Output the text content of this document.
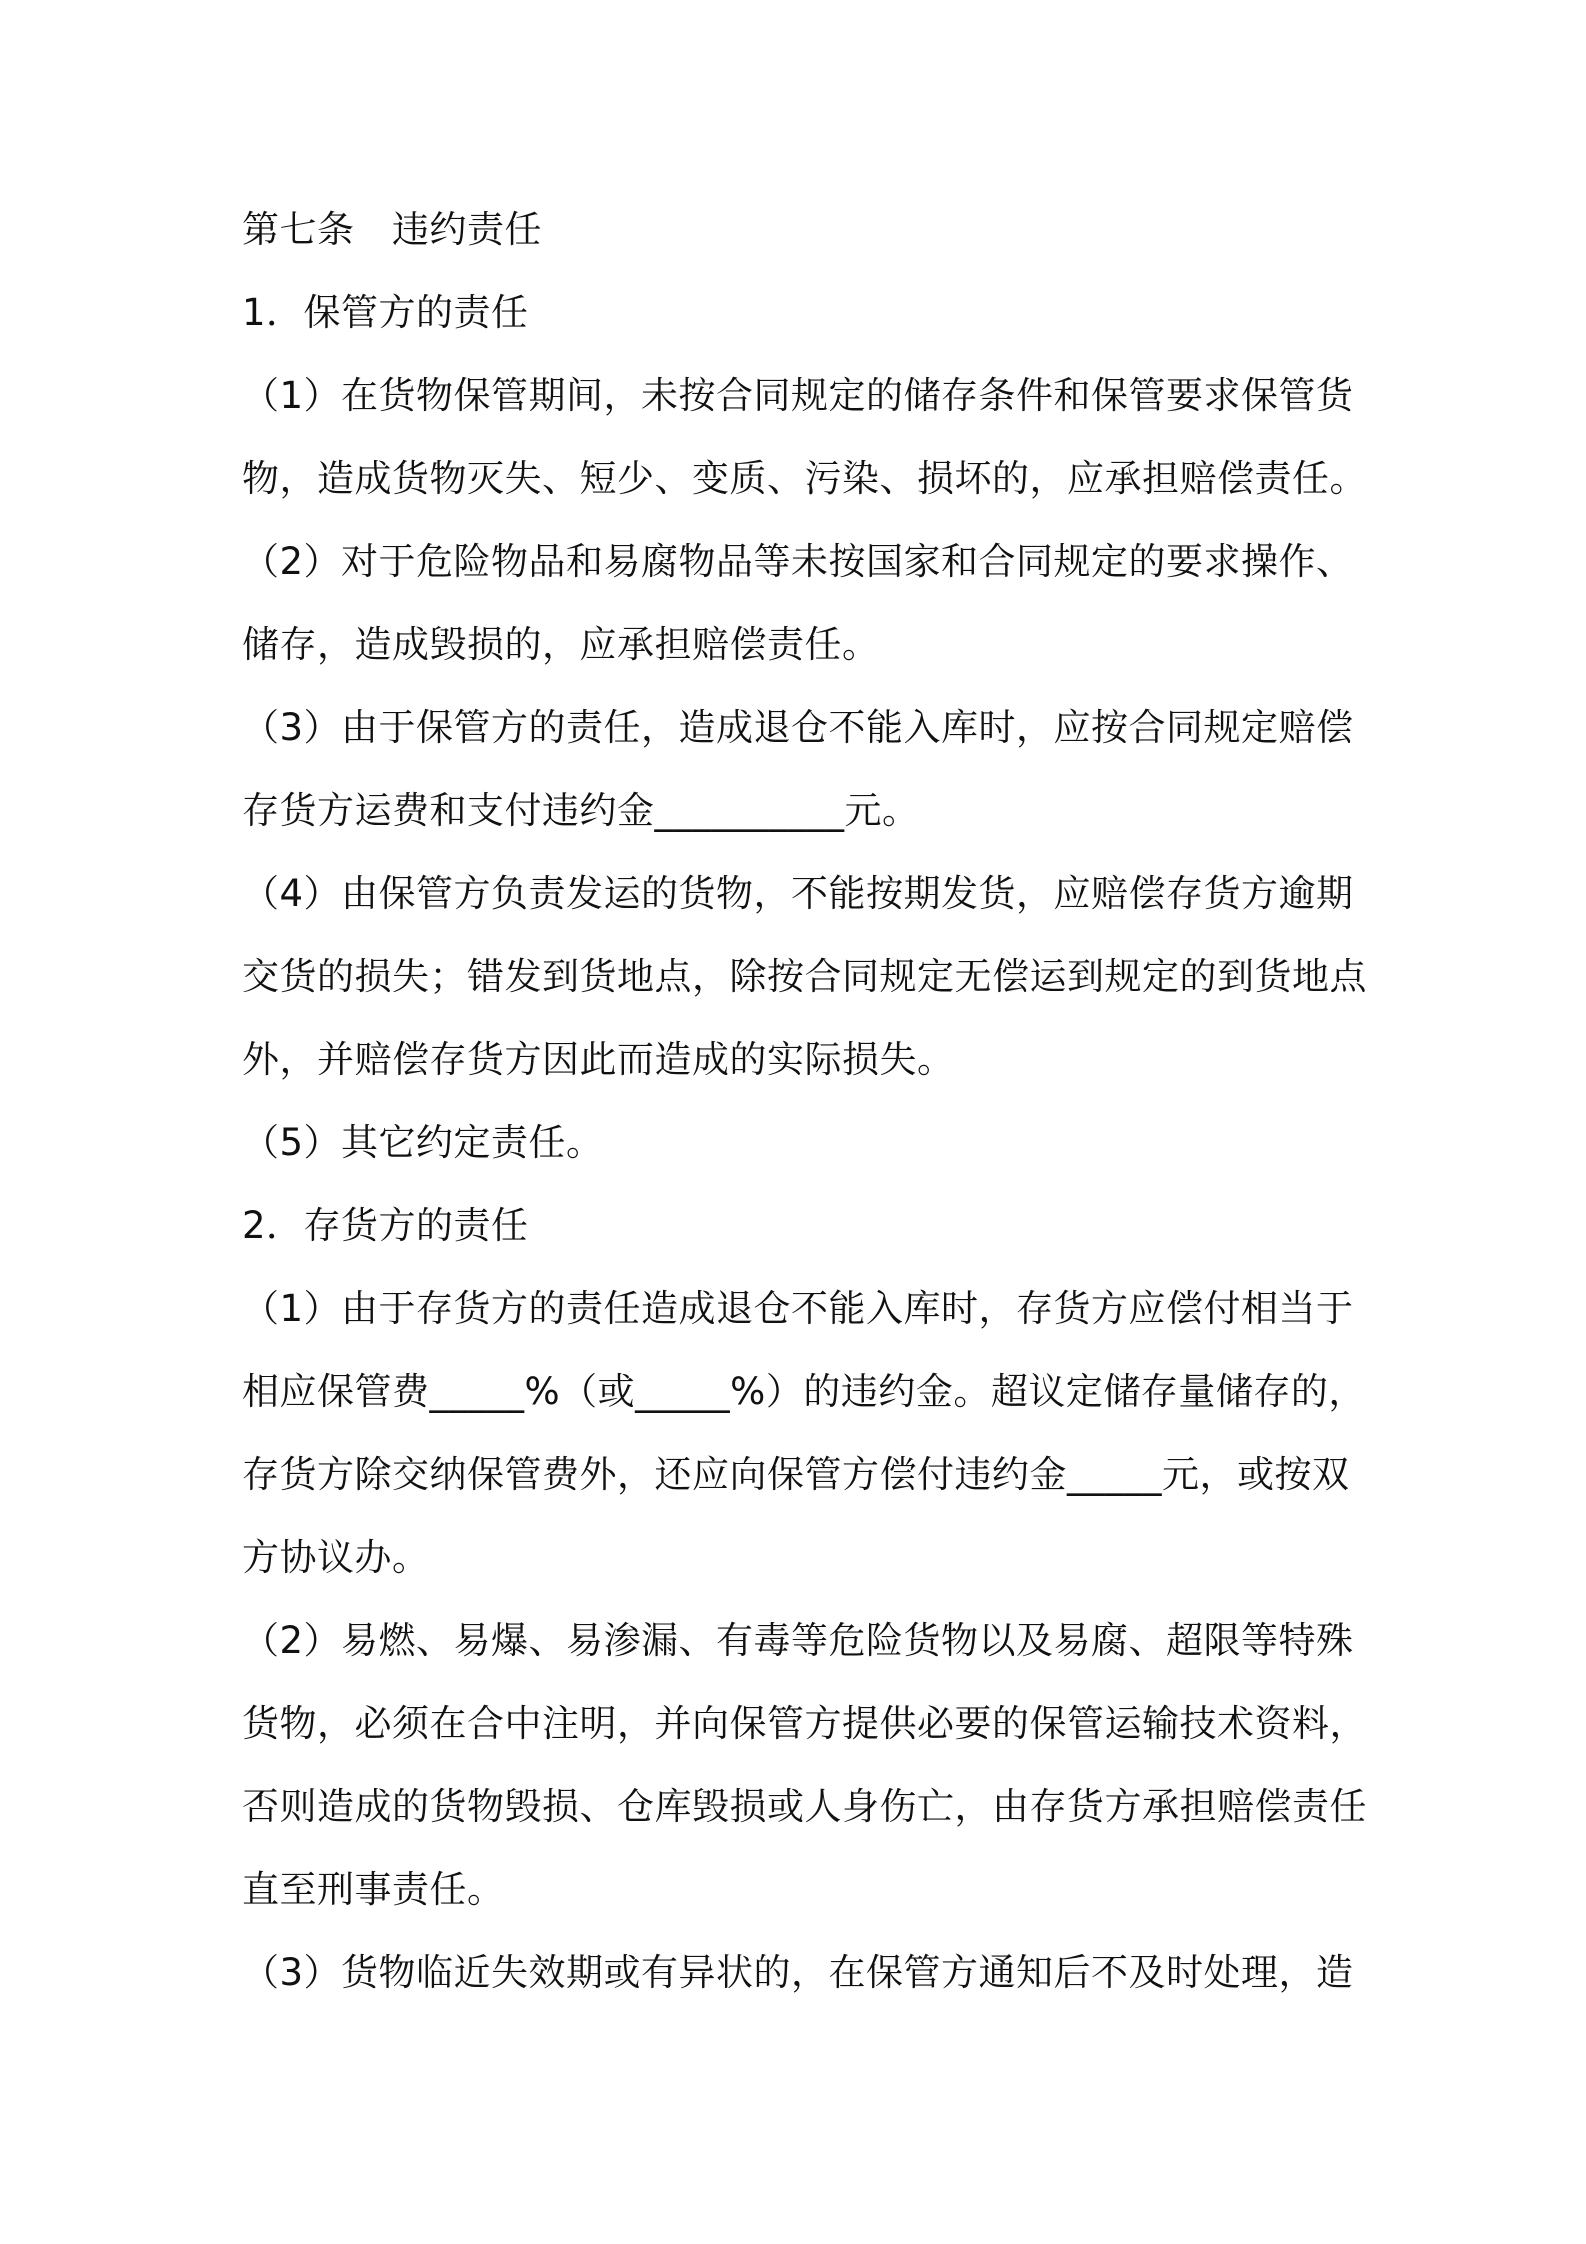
第七条　违约责任
1．保管方的责任
（1）在货物保管期间，未按合同规定的储存条件和保管要求保管货
物，造成货物灭失、短少、变质、污染、损坏的，应承担赔偿责任。
（2）对于危险物品和易腐物品等未按国家和合同规定的要求操作、
储存，造成毁损的，应承担赔偿责任。
（3）由于保管方的责任，造成退仓不能入库时，应按合同规定赔偿
存货方运费和支付违约金__________元。
（4）由保管方负责发运的货物，不能按期发货，应赔偿存货方逾期
交货的损失；错发到货地点，除按合同规定无偿运到规定的到货地点
外，并赔偿存货方因此而造成的实际损失。
（5）其它约定责任。
2．存货方的责任
（1）由于存货方的责任造成退仓不能入库时，存货方应偿付相当于
相应保管费_____%（或_____%）的违约金。超议定储存量储存的，
存货方除交纳保管费外，还应向保管方偿付违约金_____元，或按双
方协议办。
（2）易燃、易爆、易渗漏、有毒等危险货物以及易腐、超限等特殊
货物，必须在合中注明，并向保管方提供必要的保管运输技术资料，
否则造成的货物毁损、仓库毁损或人身伤亡，由存货方承担赔偿责任
直至刑事责任。
（3）货物临近失效期或有异状的，在保管方通知后不及时处理，造
